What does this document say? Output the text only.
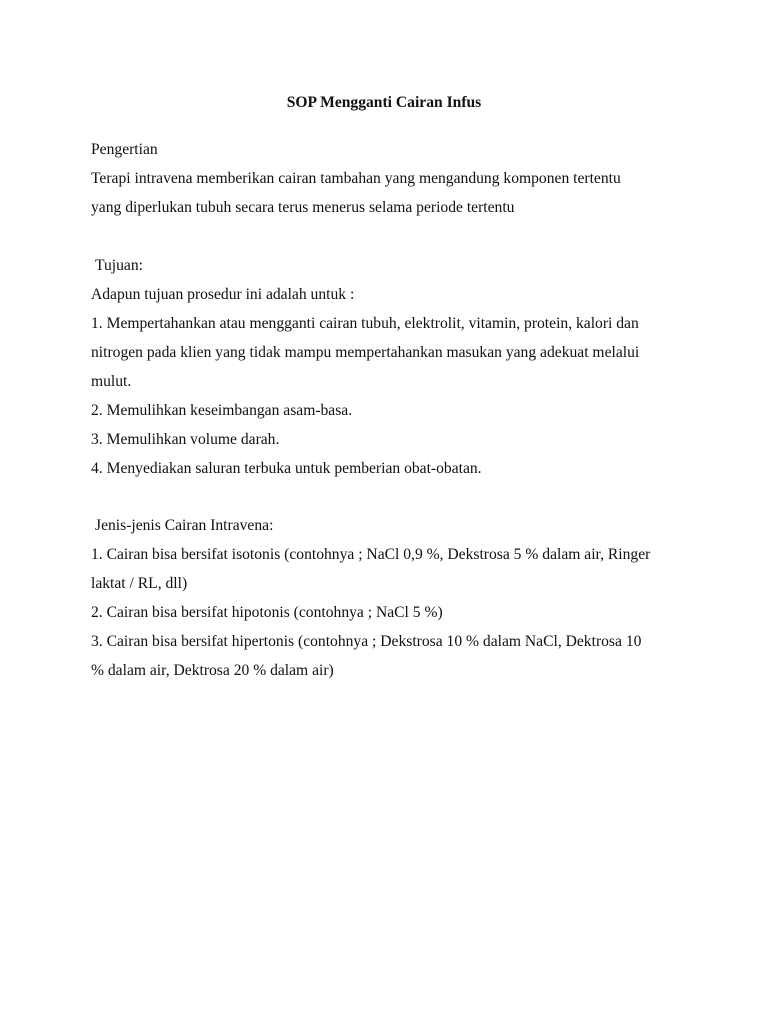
SOP Mengganti Cairan Infus
Pengertian
Terapi intravena memberikan cairan tambahan yang mengandung komponen tertentu
yang diperlukan tubuh secara terus menerus selama periode tertentu
Tujuan:
Adapun tujuan prosedur ini adalah untuk :
1. Mempertahankan atau mengganti cairan tubuh, elektrolit, vitamin, protein, kalori dan
nitrogen pada klien yang tidak mampu mempertahankan masukan yang adekuat melalui
mulut.
2. Memulihkan keseimbangan asam-basa.
3. Memulihkan volume darah.
4. Menyediakan saluran terbuka untuk pemberian obat-obatan.
Jenis-jenis Cairan Intravena:
1. Cairan bisa bersifat isotonis (contohnya ; NaCl 0,9 %, Dekstrosa 5 % dalam air, Ringer
laktat / RL, dll)
2. Cairan bisa bersifat hipotonis (contohnya ; NaCl 5 %)
3. Cairan bisa bersifat hipertonis (contohnya ; Dekstrosa 10 % dalam NaCl, Dektrosa 10
% dalam air, Dektrosa 20 % dalam air)
